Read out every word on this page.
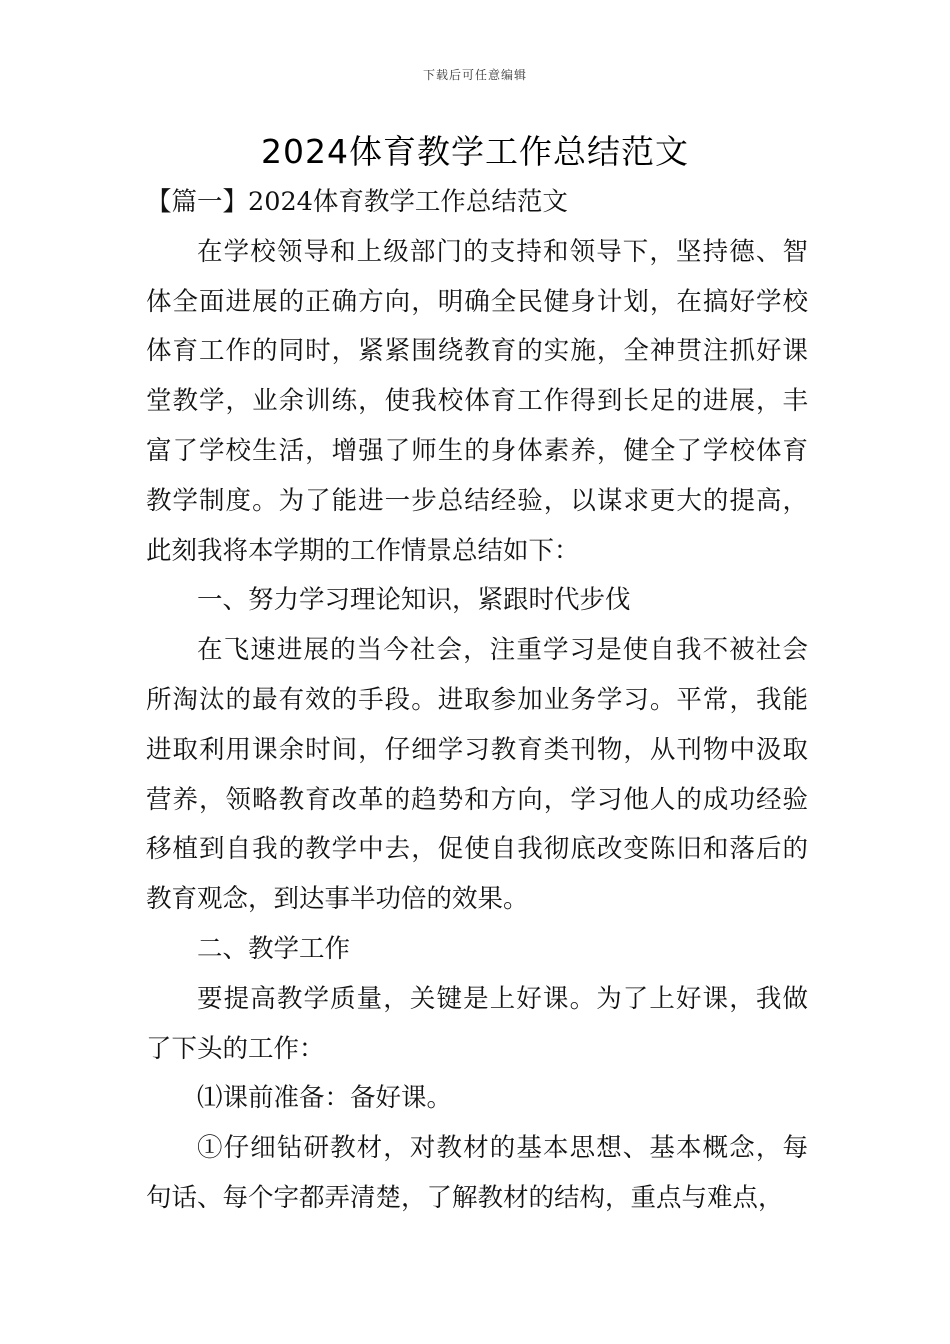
下载后可任意编辑
2024体育教学工作总结范文

【篇一】2024体育教学工作总结范文

在学校领导和上级部门的支持和领导下，坚持德、智体全面进展的正确方向，明确全民健身计划，在搞好学校体育工作的同时，紧紧围绕教育的实施，全神贯注抓好课堂教学，业余训练，使我校体育工作得到长足的进展，丰富了学校生活，增强了师生的身体素养，健全了学校体育教学制度。为了能进一步总结经验，以谋求更大的提高，此刻我将本学期的工作情景总结如下：

一、努力学习理论知识，紧跟时代步伐

在飞速进展的当今社会，注重学习是使自我不被社会所淘汰的最有效的手段。进取参加业务学习。平常，我能进取利用课余时间，仔细学习教育类刊物，从刊物中汲取营养，领略教育改革的趋势和方向，学习他人的成功经验移植到自我的教学中去，促使自我彻底改变陈旧和落后的教育观念，到达事半功倍的效果。

二、教学工作

要提高教学质量，关键是上好课。为了上好课，我做了下头的工作：

⑴课前准备：备好课。

①仔细钻研教材，对教材的基本思想、基本概念，每句话、每个字都弄清楚，了解教材的结构，重点与难点，
